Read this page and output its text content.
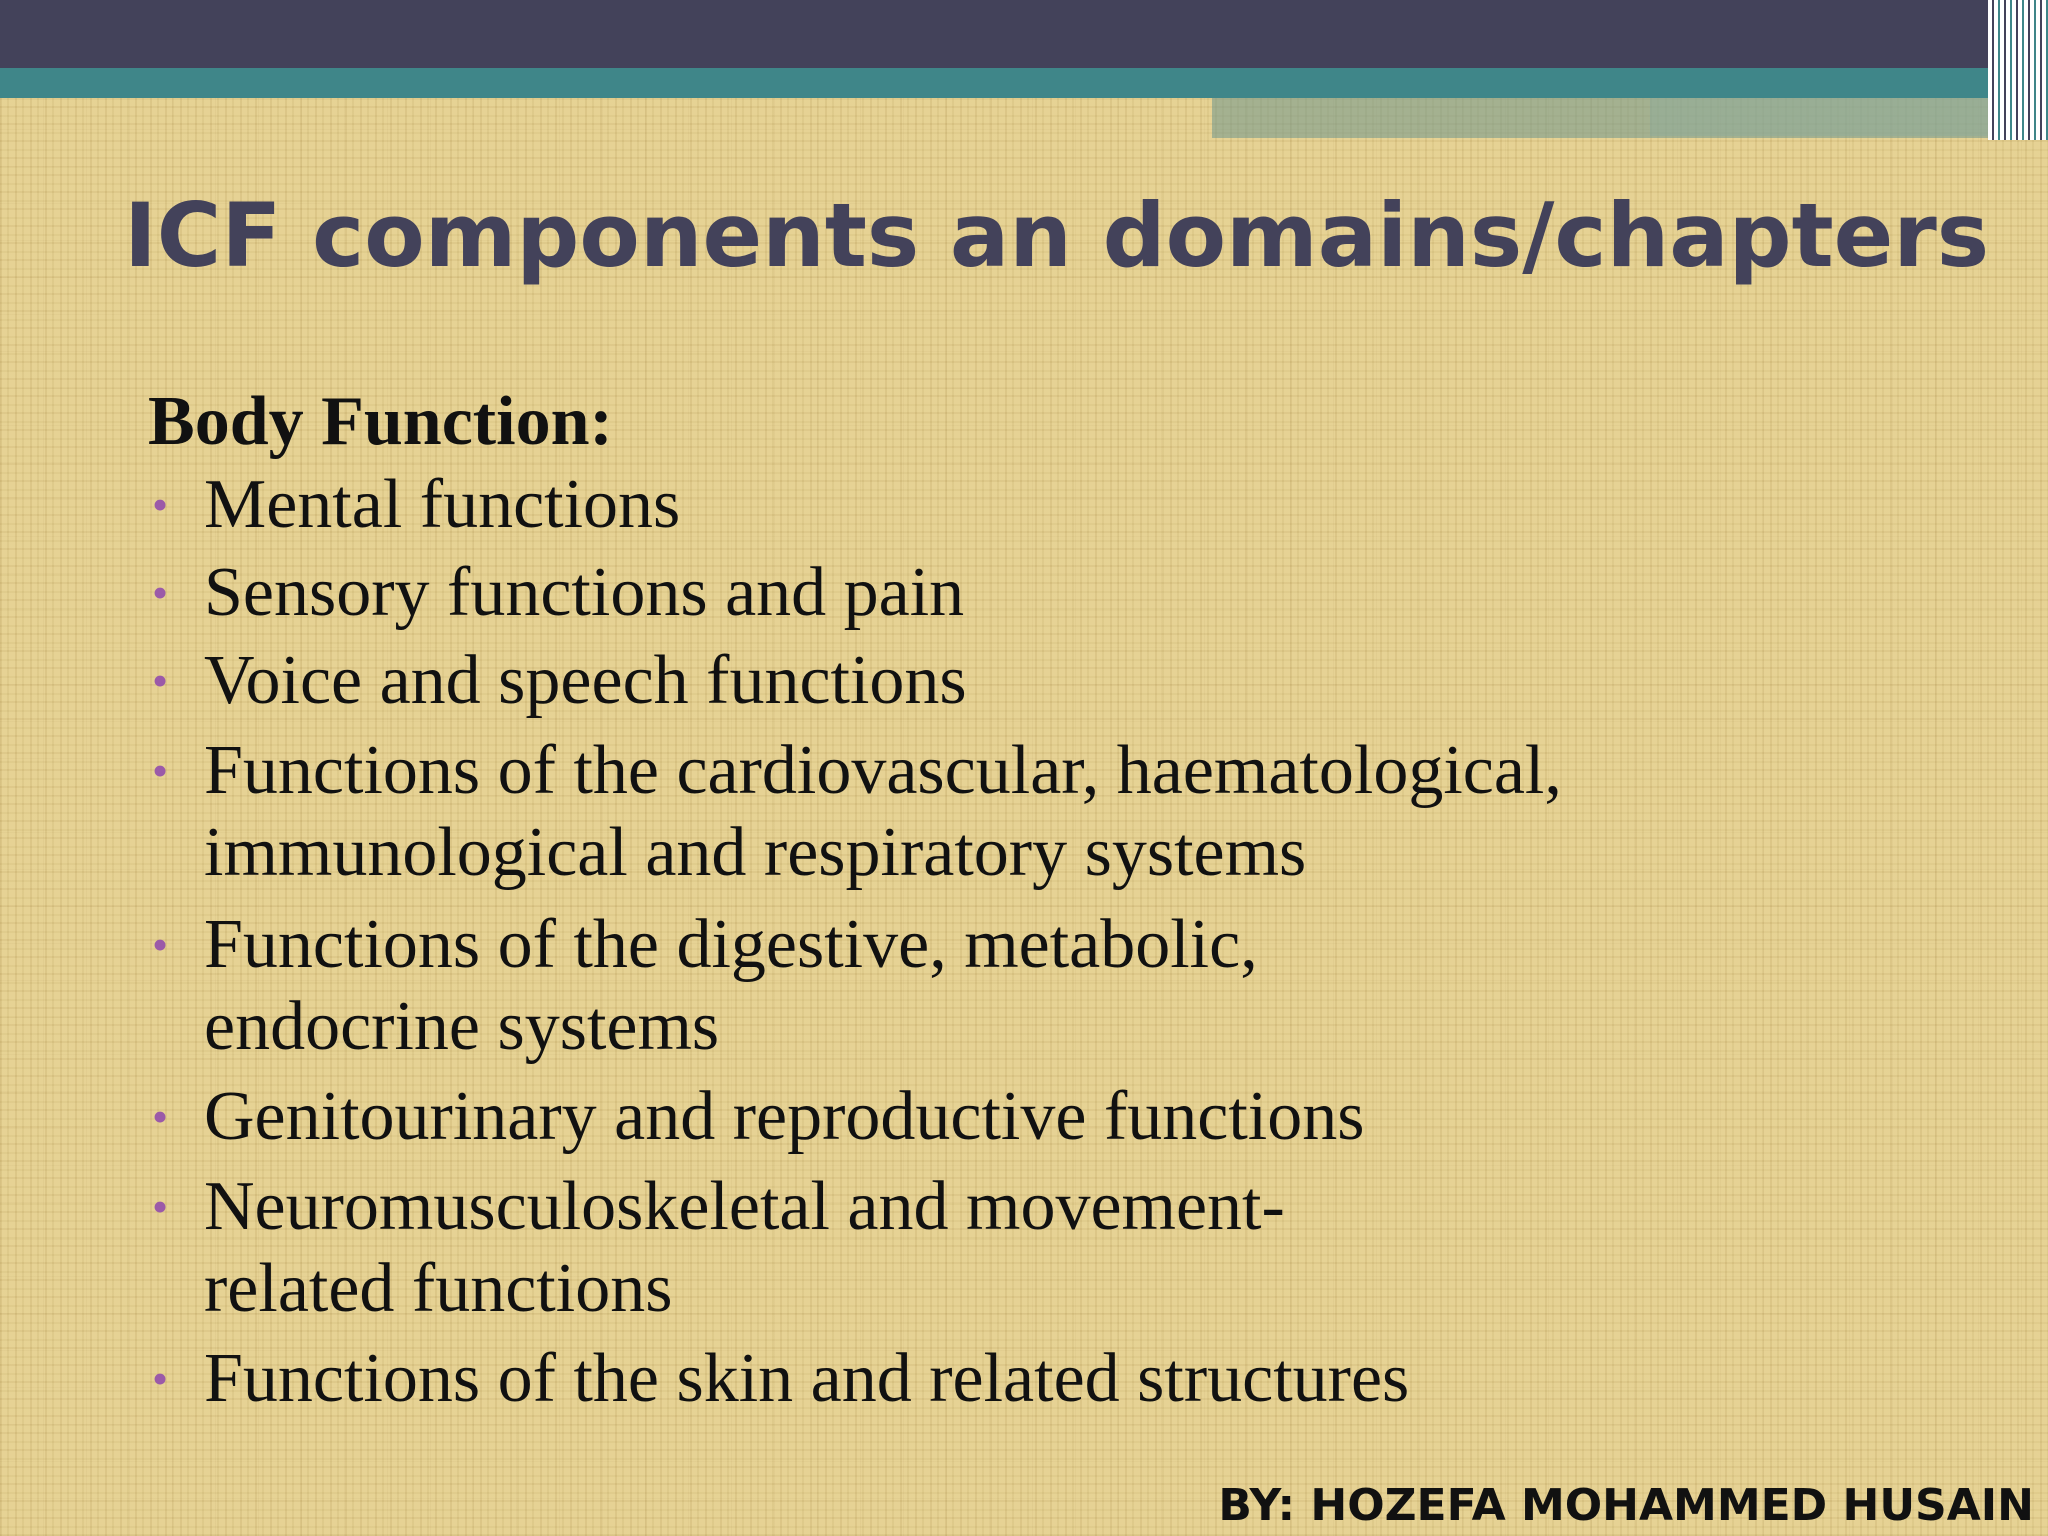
ICF components an domains/chapters
Body Function:
• Mental functions
• Sensory functions and pain
• Voice and speech functions
• Functions of the cardiovascular, haematological, immunological and respiratory systems
• Functions of the digestive, metabolic, endocrine systems
• Genitourinary and reproductive functions
• Neuromusculoskeletal and movement-related functions
• Functions of the skin and related structures
BY: HOZEFA MOHAMMED HUSAIN
